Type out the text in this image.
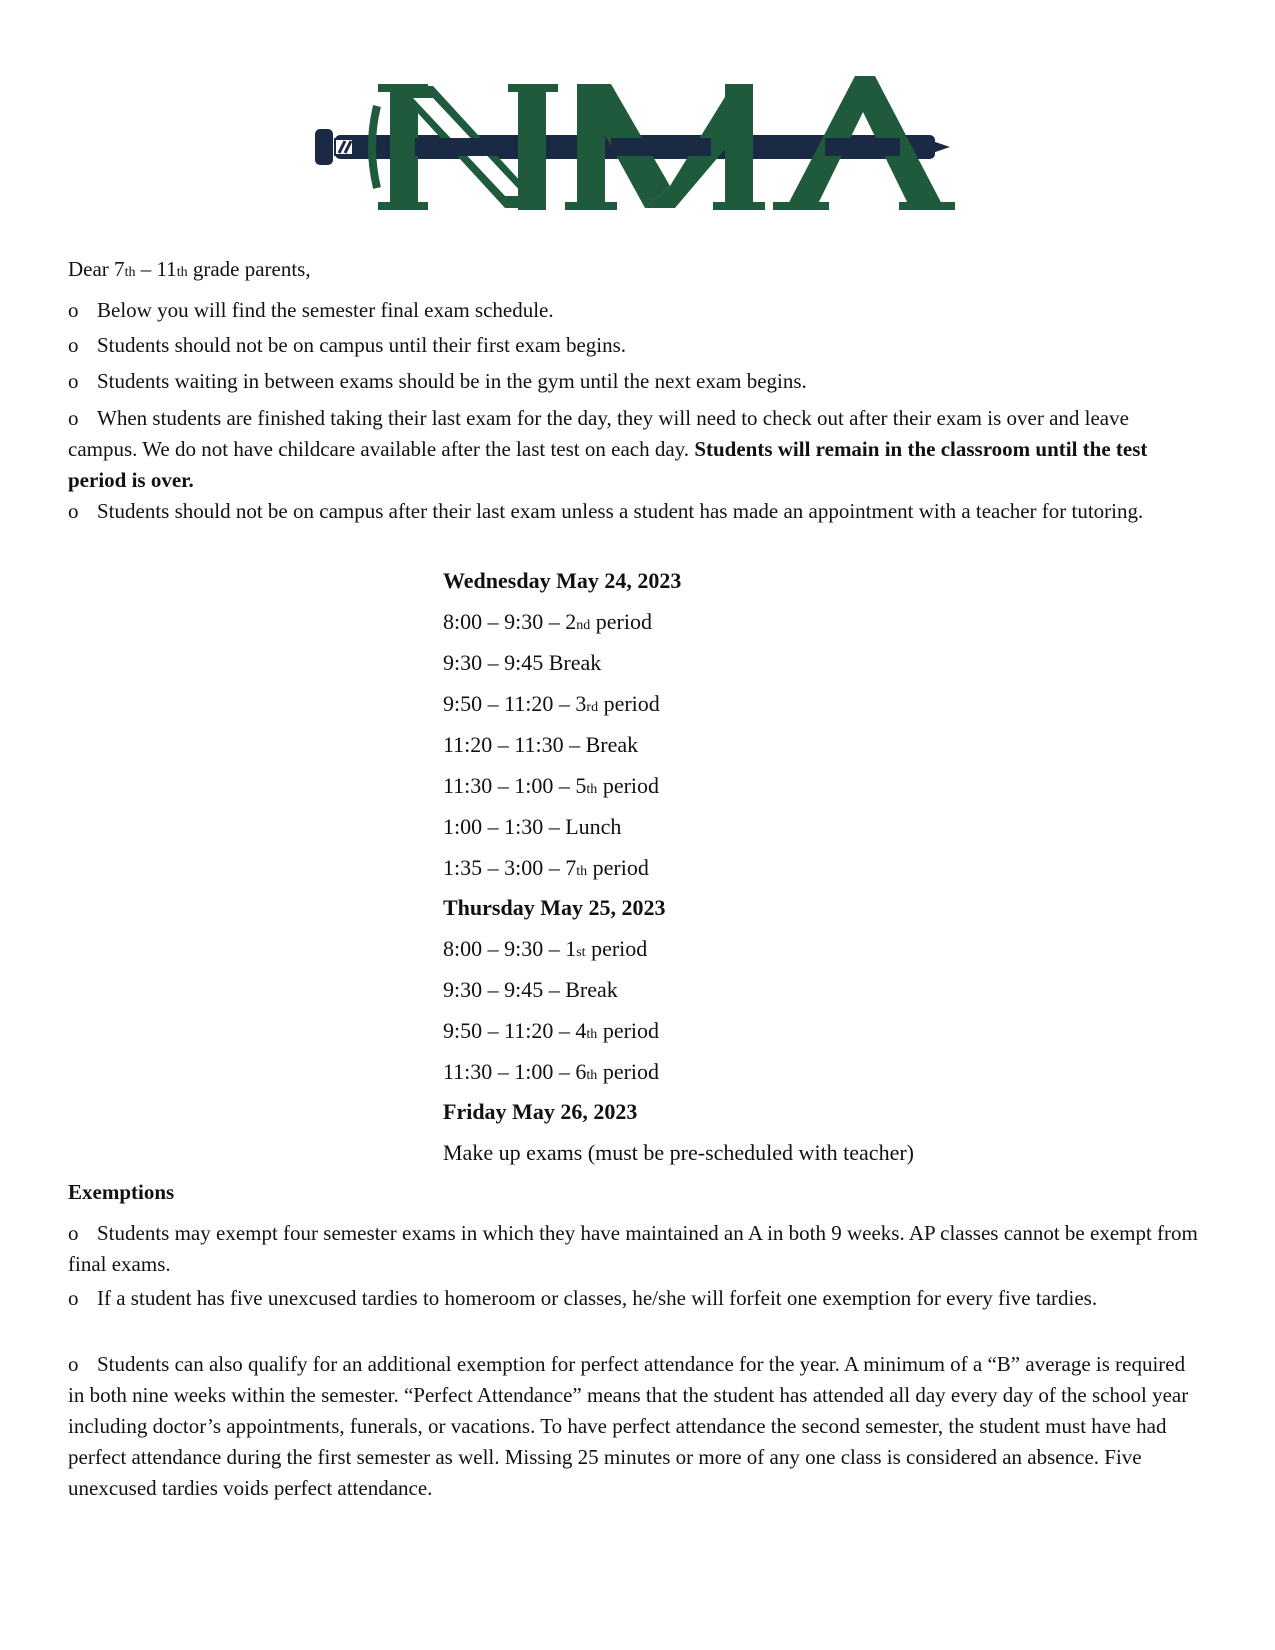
Dear 7th – 11th grade parents,

o Below you will find the semester final exam schedule.

o Students should not be on campus until their first exam begins.

o Students waiting in between exams should be in the gym until the next exam begins.

o When students are finished taking their last exam for the day, they will need to check out after their exam is over and leave campus. We do not have childcare available after the last test on each day. Students will remain in the classroom until the test period is over.

o Students should not be on campus after their last exam unless a student has made an appointment with a teacher for tutoring.

Wednesday May 24, 2023

8:00 – 9:30 – 2nd period

9:30 – 9:45 Break

9:50 – 11:20 – 3rd period

11:20 – 11:30 – Break

11:30 – 1:00 – 5th period

1:00 – 1:30 – Lunch

1:35 – 3:00 – 7th period

Thursday May 25, 2023

8:00 – 9:30 – 1st period

9:30 – 9:45 – Break

9:50 – 11:20 – 4th period

11:30 – 1:00 – 6th period

Friday May 26, 2023

Make up exams (must be pre-scheduled with teacher)

Exemptions

o Students may exempt four semester exams in which they have maintained an A in both 9 weeks. AP classes cannot be exempt from final exams.

o If a student has five unexcused tardies to homeroom or classes, he/she will forfeit one exemption for every five tardies.

o Students can also qualify for an additional exemption for perfect attendance for the year. A minimum of a “B” average is required in both nine weeks within the semester. “Perfect Attendance” means that the student has attended all day every day of the school year including doctor’s appointments, funerals, or vacations. To have perfect attendance the second semester, the student must have had perfect attendance during the first semester as well. Missing 25 minutes or more of any one class is considered an absence. Five unexcused tardies voids perfect attendance.
